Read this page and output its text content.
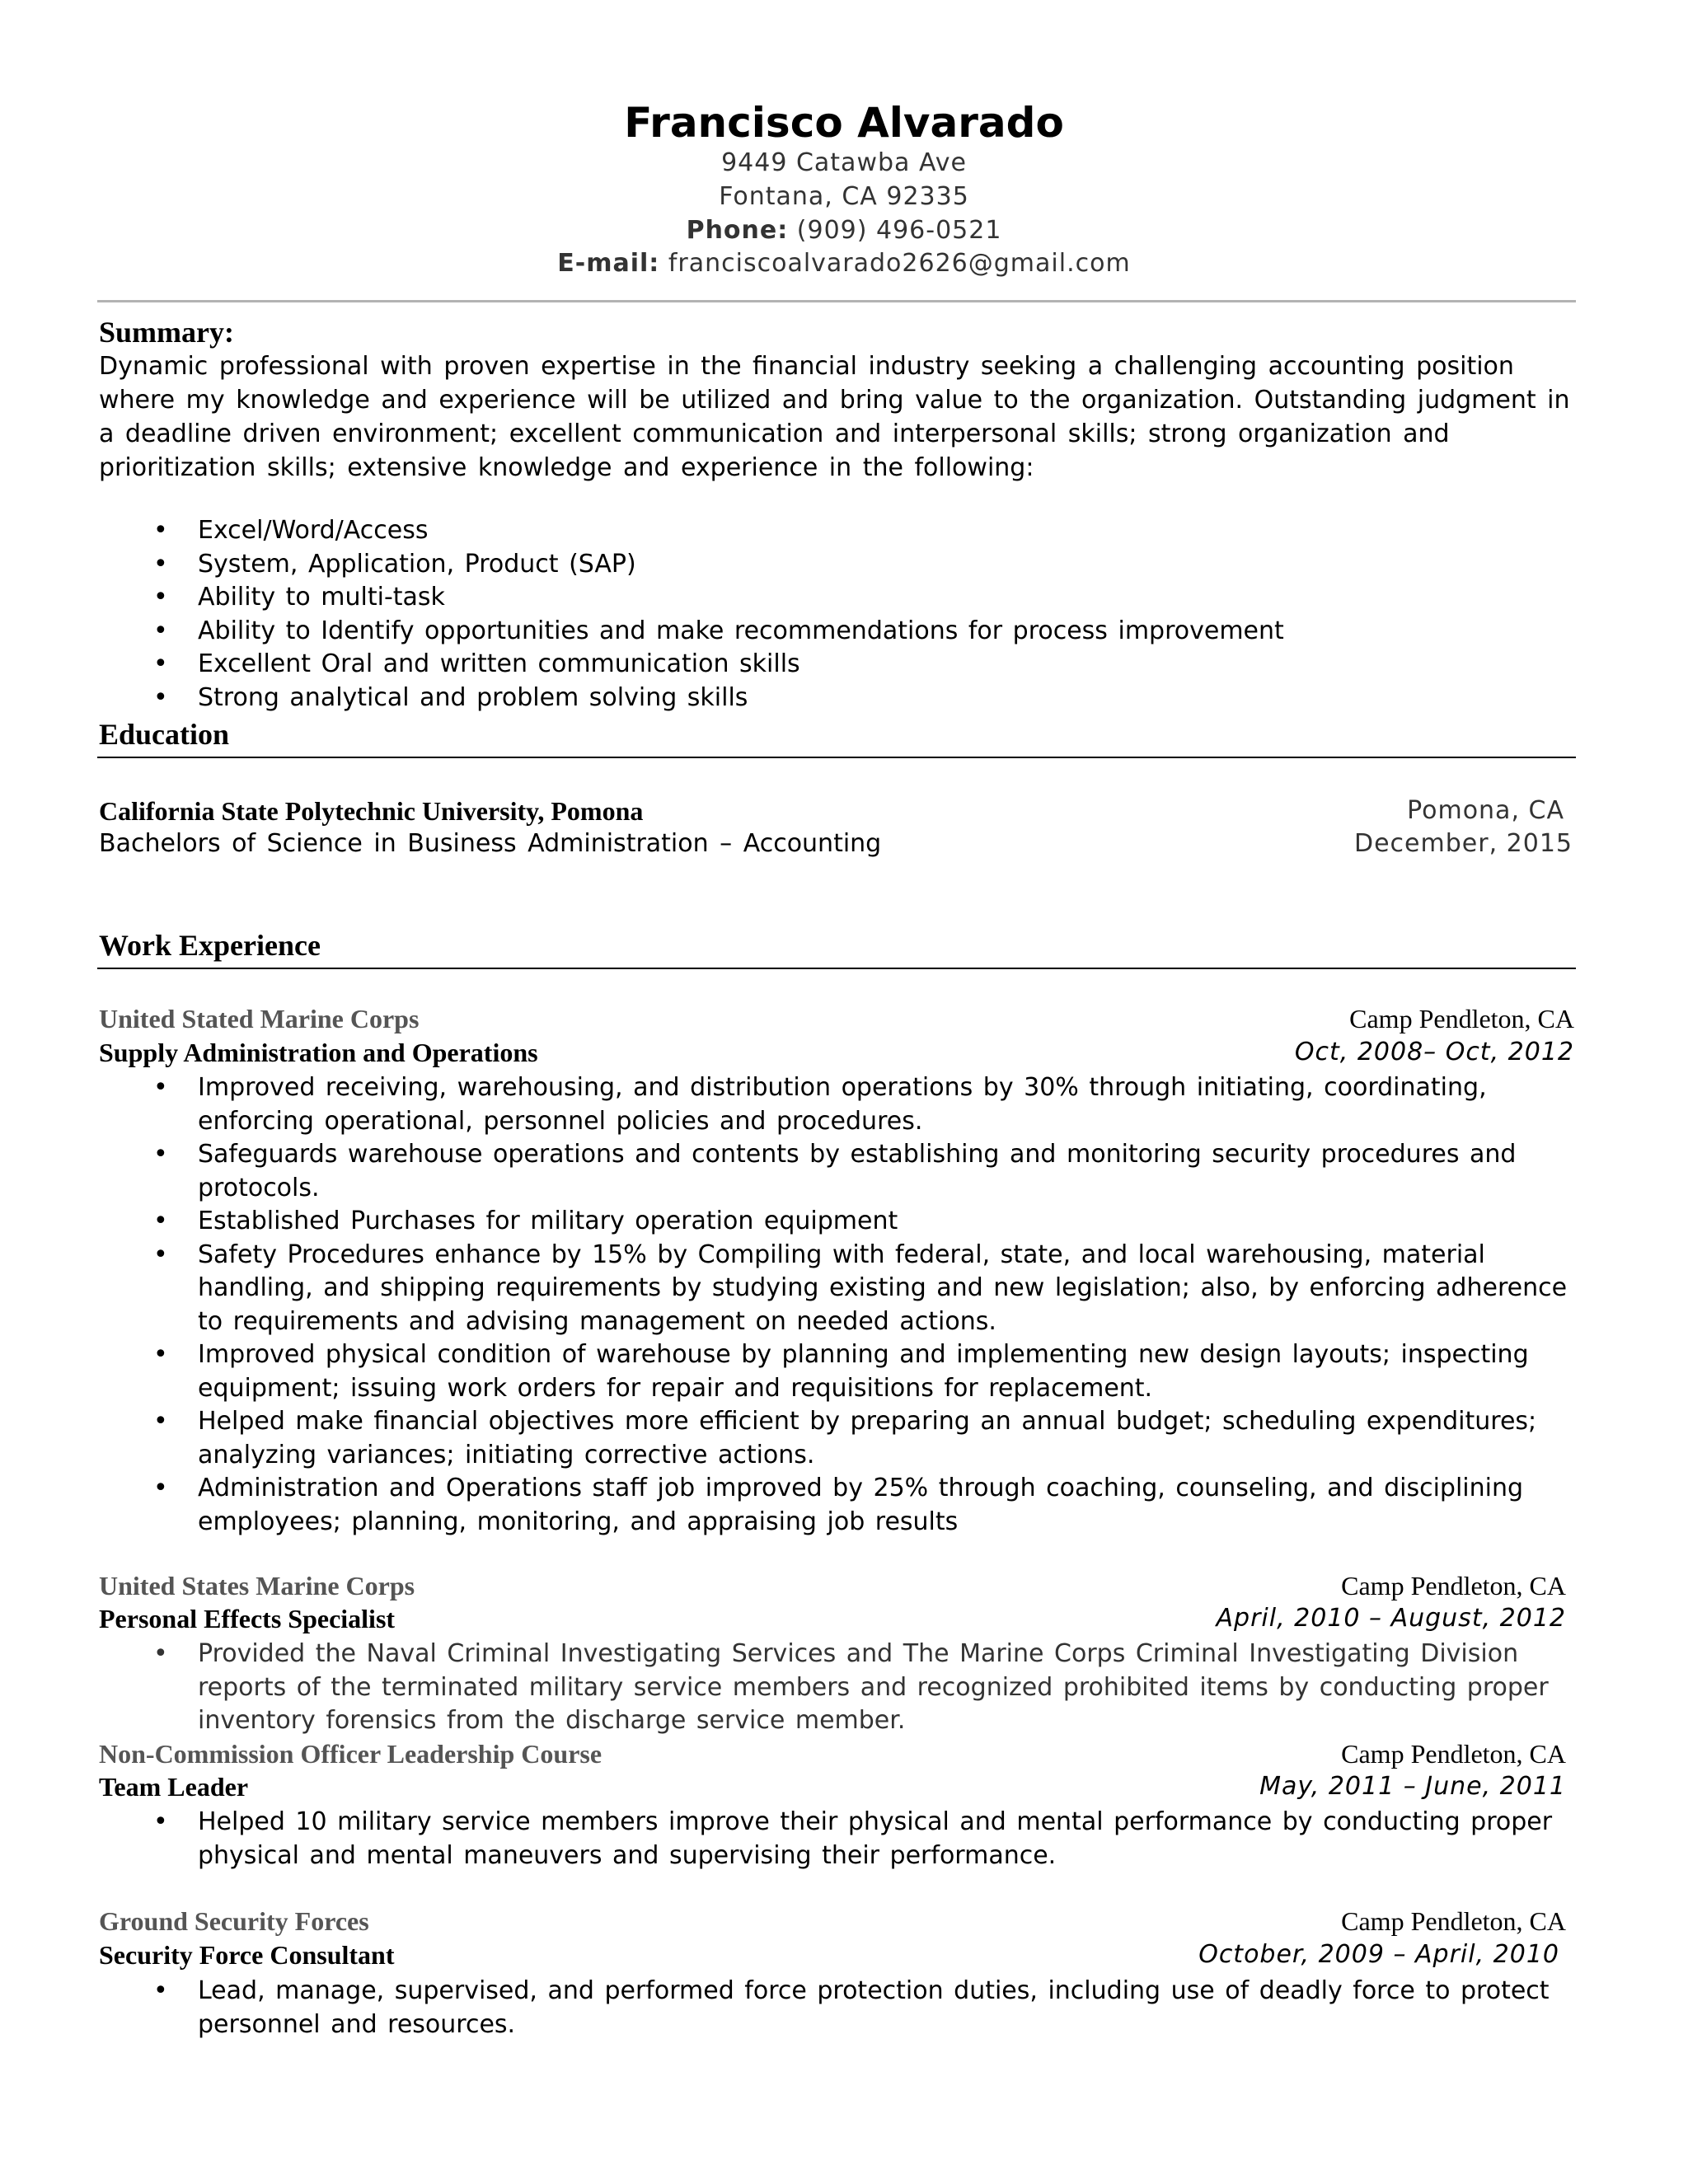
Francisco Alvarado
9449 Catawba Ave
Fontana, CA 92335
Phone: (909) 496-0521
E-mail: franciscoalvarado2626@gmail.com
Summary:

Dynamic professional with proven expertise in the financial industry seeking a challenging accounting position where my knowledge and experience will be utilized and bring value to the organization. Outstanding judgment in a deadline driven environment; excellent communication and interpersonal skills; strong organization and prioritization skills; extensive knowledge and experience in the following:

• Excel/Word/Access
• System, Application, Product (SAP)
• Ability to multi-task
• Ability to Identify opportunities and make recommendations for process improvement
• Excellent Oral and written communication skills
• Strong analytical and problem solving skills
Education
California State Polytechnic University, Pomona	Pomona, CA
Bachelors of Science in Business Administration – Accounting	December, 2015
Work Experience
United Stated Marine Corps	Camp Pendleton, CA
Supply Administration and Operations	Oct, 2008– Oct, 2012
• Improved receiving, warehousing, and distribution operations by 30% through initiating, coordinating, enforcing operational, personnel policies and procedures.
• Safeguards warehouse operations and contents by establishing and monitoring security procedures and protocols.
• Established Purchases for military operation equipment
• Safety Procedures enhance by 15% by Compiling with federal, state, and local warehousing, material handling, and shipping requirements by studying existing and new legislation; also, by enforcing adherence to requirements and advising management on needed actions.
• Improved physical condition of warehouse by planning and implementing new design layouts; inspecting equipment; issuing work orders for repair and requisitions for replacement.
• Helped make financial objectives more efficient by preparing an annual budget; scheduling expenditures; analyzing variances; initiating corrective actions.
• Administration and Operations staff job improved by 25% through coaching, counseling, and disciplining employees; planning, monitoring, and appraising job results
United States Marine Corps	Camp Pendleton, CA
Personal Effects Specialist	April, 2010 – August, 2012
• Provided the Naval Criminal Investigating Services and The Marine Corps Criminal Investigating Division reports of the terminated military service members and recognized prohibited items by conducting proper inventory forensics from the discharge service member.
Non-Commission Officer Leadership Course	Camp Pendleton, CA
Team Leader	May, 2011 – June, 2011
• Helped 10 military service members improve their physical and mental performance by conducting proper physical and mental maneuvers and supervising their performance.
Ground Security Forces	Camp Pendleton, CA
Security Force Consultant	October, 2009 – April, 2010
• Lead, manage, supervised, and performed force protection duties, including use of deadly force to protect personnel and resources.
